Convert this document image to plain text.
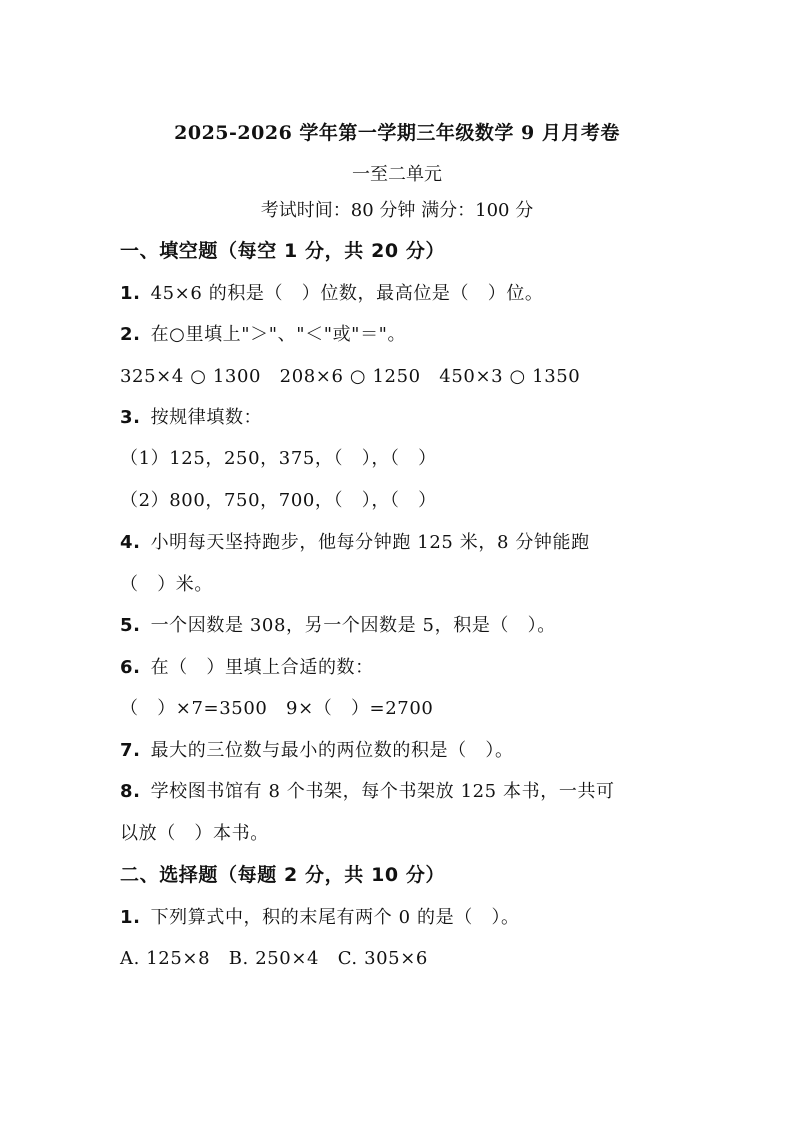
2025-2026 学年第一学期三年级数学 9 月月考卷
一至二单元
考试时间：80 分钟 满分：100 分
一、填空题（每空 1 分，共 20 分）
1. 45×6 的积是（　）位数，最高位是（　）位。
2. 在○里填上"＞"、"＜"或"＝"。
325×4 ○ 1300　208×6 ○ 1250　450×3 ○ 1350
3. 按规律填数：
（1）125，250，375，（　），（　）
（2）800，750，700，（　），（　）
4. 小明每天坚持跑步，他每分钟跑 125 米，8 分钟能跑
（　）米。
5. 一个因数是 308，另一个因数是 5，积是（　）。
6. 在（　）里填上合适的数：
（　）×7=3500　9×（　）=2700
7. 最大的三位数与最小的两位数的积是（　）。
8. 学校图书馆有 8 个书架，每个书架放 125 本书，一共可
以放（　）本书。
二、选择题（每题 2 分，共 10 分）
1. 下列算式中，积的末尾有两个 0 的是（　）。
A. 125×8　B. 250×4　C. 305×6
